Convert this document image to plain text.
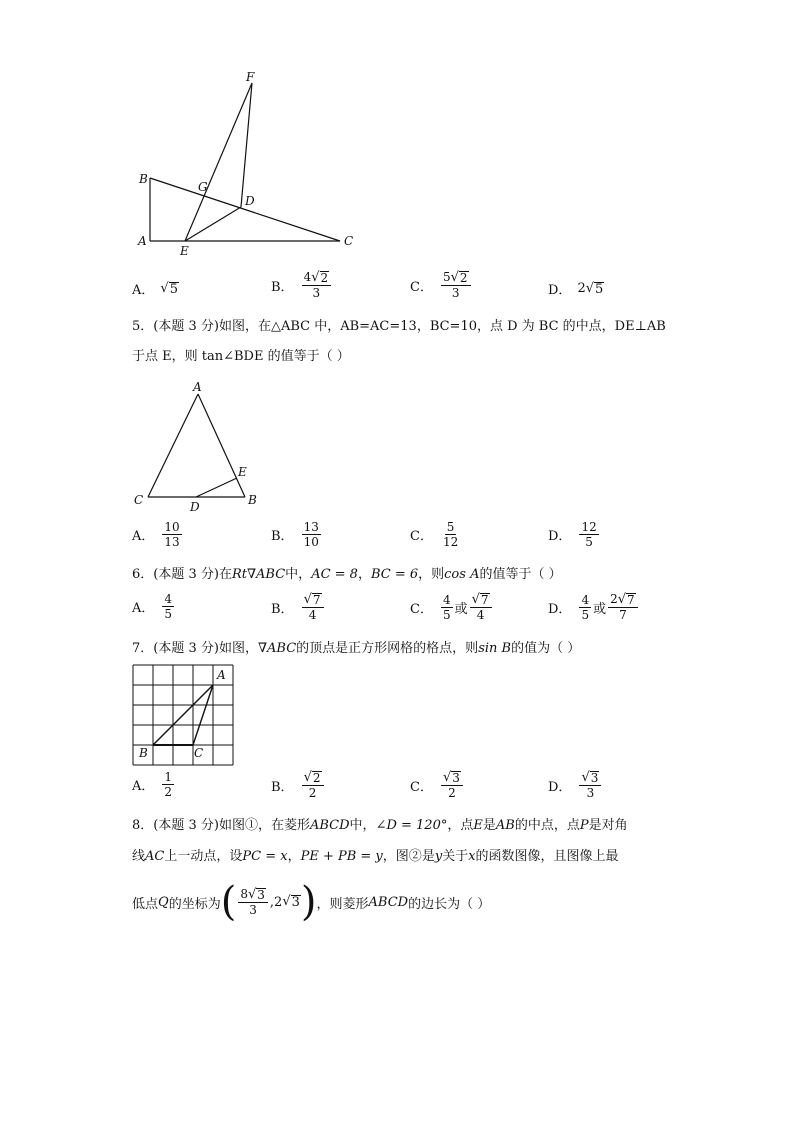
F
B
G
D
A
E
C
A． √ 5	B． $\frac{4 √ 2}{3}$	C． $\frac{5 √ 2}{3}$	D． 2 √ 5
5．(本题 3 分)如图，在△ABC 中，AB=AC=13，BC=10，点 D 为 BC 的中点，DE⊥AB
于点 E，则 tan∠BDE 的值等于（ ）
A
E
C	D	B
A． $\frac{10}{13}$	B． $\frac{13}{10}$	C． $\frac{5}{12}$	D． $\frac{12}{5}$
6．(本题 3 分)在Rt∇ABC中，AC = 8，BC = 6，则cos A的值等于（ ）
A． $\frac{4}{5}$	B． $\frac{√ 7}{4}$	C． $\frac{4}{5}$ 或 $\frac{√ 7}{4}$	D． $\frac{4}{5}$ 或 $\frac{2 √ 7}{7}$
7．(本题 3 分)如图，∇ABC的顶点是正方形网格的格点，则sin B的值为（ ）
A
B	C
A． $\frac{1}{2}$	B． $\frac{√ 2}{2}$	C． $\frac{√ 3}{2}$	D． $\frac{√ 3}{3}$
8．(本题 3 分)如图①，在菱形ABCD中，∠D = 120°，点E是AB的中点，点P是对角
线AC上一动点，设PC = x，PE + PB = y，图②是y关于x的函数图像，且图像上最
低点 Q 的坐标为 ( $\frac{8 √ 3}{3}$ , 2 √ 3 ) ，则菱形 ABCD 的边长为（ ）
